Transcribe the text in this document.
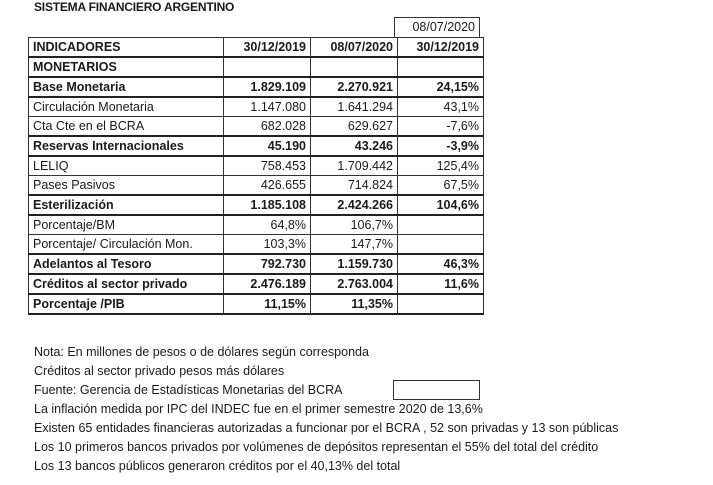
SISTEMA FINANCIERO ARGENTINO
08/07/2020
INDICADORES	30/12/2019	08/07/2020	30/12/2019
MONETARIOS			
Base Monetaria	1.829.109	2.270.921	24,15%
Circulación Monetaria	1.147.080	1.641.294	43,1%
Cta Cte en el BCRA	682.028	629.627	-7,6%
Reservas Internacionales	45.190	43.246	-3,9%
LELIQ	758.453	1.709.442	125,4%
Pases Pasivos	426.655	714.824	67,5%
Esterilización	1.185.108	2.424.266	104,6%
Porcentaje/BM	64,8%	106,7%	
Porcentaje/ Circulación Mon.	103,3%	147,7%	
Adelantos al Tesoro	792.730	1.159.730	46,3%
Créditos al sector privado	2.476.189	2.763.004	11,6%
Porcentaje /PIB	11,15%	11,35%	
Nota: En millones de pesos o de dólares según corresponda
Créditos al sector privado pesos más dólares
Fuente: Gerencia de Estadísticas Monetarias del BCRA
La inflación medida por IPC del INDEC fue en el primer semestre 2020 de 13,6%
Existen 65 entidades financieras autorizadas a funcionar por el BCRA , 52 son privadas y 13 son públicas
Los 10 primeros bancos privados por volúmenes de depósitos representan el 55% del total del crédito
Los 13 bancos públicos generaron créditos por el 40,13% del total
